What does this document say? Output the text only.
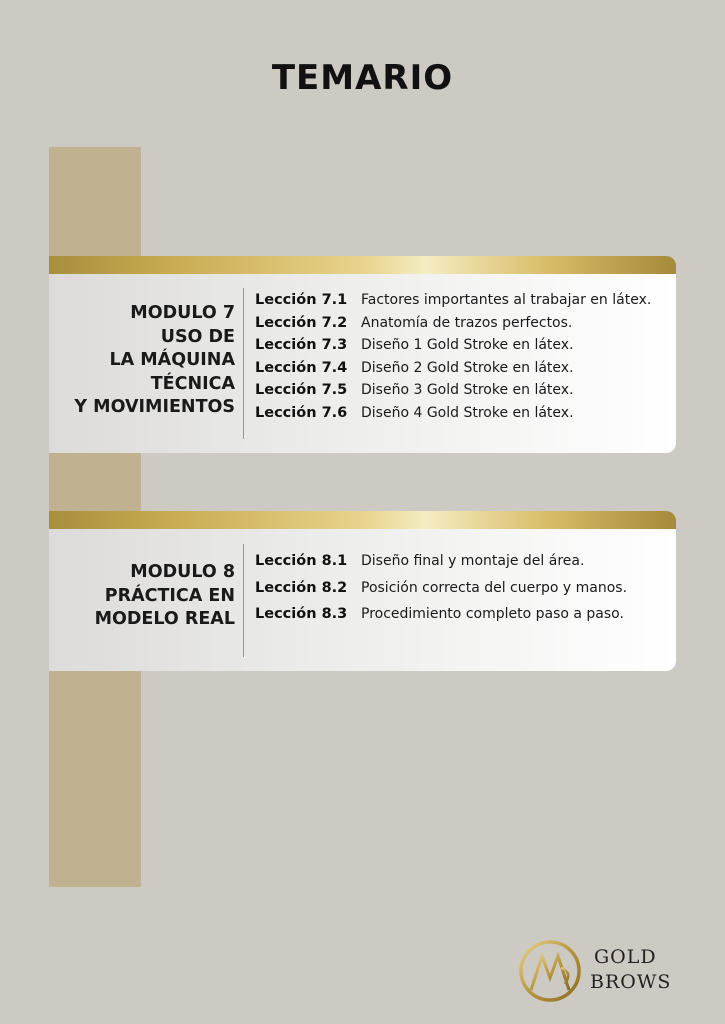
TEMARIO
MODULO 7
USO DE
LA MÁQUINA
TÉCNICA
Y MOVIMIENTOS
Lección 7.1 Factores importantes al trabajar en látex.
Lección 7.2 Anatomía de trazos perfectos.
Lección 7.3 Diseño 1 Gold Stroke en látex.
Lección 7.4 Diseño 2 Gold Stroke en látex.
Lección 7.5 Diseño 3 Gold Stroke en látex.
Lección 7.6 Diseño 4 Gold Stroke en látex.
MODULO 8
PRÁCTICA EN
MODELO REAL
Lección 8.1 Diseño final y montaje del área.
Lección 8.2 Posición correcta del cuerpo y manos.
Lección 8.3 Procedimiento completo paso a paso.
GOLD
BROWS
